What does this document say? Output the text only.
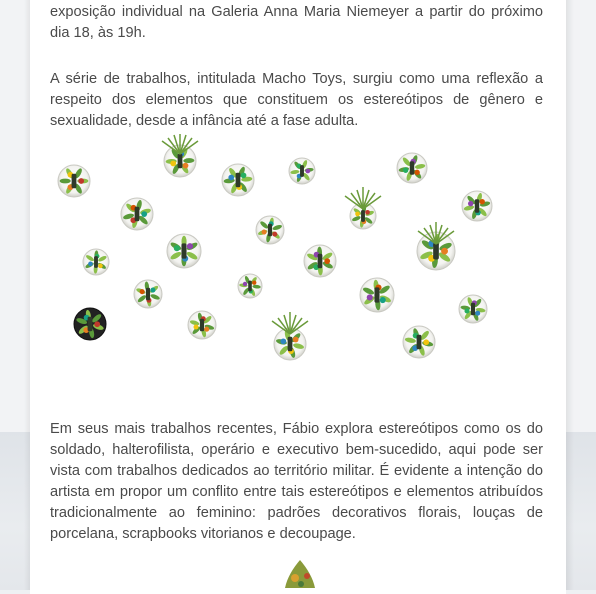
exposição individual na Galeria Anna Maria Niemeyer a partir do próximo dia 18, às 19h.

A série de trabalhos, intitulada Macho Toys, surgiu como uma reflexão a respeito dos elementos que constituem os estereótipos de gênero e sexualidade, desde a infância até a fase adulta.

Em seus mais trabalhos recentes, Fábio explora estereótipos como os do soldado, halterofilista, operário e executivo bem-sucedido, aqui pode ser vista com trabalhos dedicados ao território militar. É evidente a intenção do artista em propor um conflito entre tais estereótipos e elementos atribuídos tradicionalmente ao feminino: padrões decorativos florais, louças de porcelana, scrapbooks vitorianos e decoupage.
